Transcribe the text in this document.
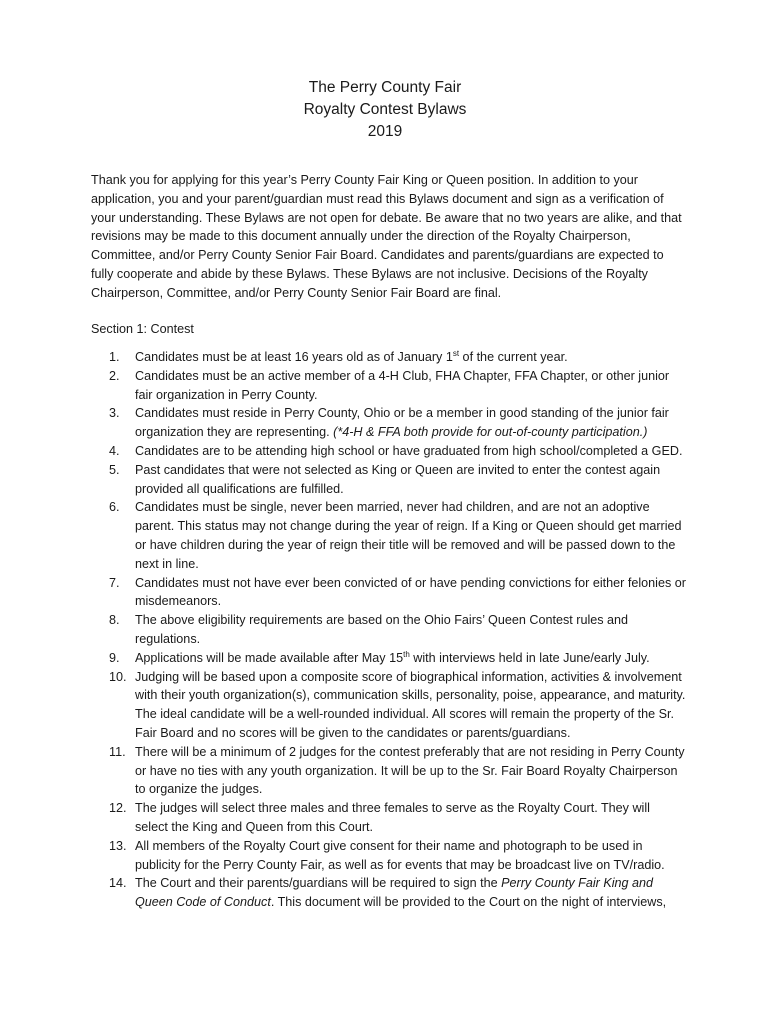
The Perry County Fair
Royalty Contest Bylaws
2019

Thank you for applying for this year’s Perry County Fair King or Queen position. In addition to your application, you and your parent/guardian must read this Bylaws document and sign as a verification of your understanding. These Bylaws are not open for debate. Be aware that no two years are alike, and that revisions may be made to this document annually under the direction of the Royalty Chairperson, Committee, and/or Perry County Senior Fair Board. Candidates and parents/guardians are expected to fully cooperate and abide by these Bylaws. These Bylaws are not inclusive. Decisions of the Royalty Chairperson, Committee, and/or Perry County Senior Fair Board are final.

Section 1: Contest

1.	Candidates must be at least 16 years old as of January 1st of the current year.
2.	Candidates must be an active member of a 4-H Club, FHA Chapter, FFA Chapter, or other junior fair organization in Perry County.
3.	Candidates must reside in Perry County, Ohio or be a member in good standing of the junior fair organization they are representing. (*4-H & FFA both provide for out-of-county participation.)
4.	Candidates are to be attending high school or have graduated from high school/completed a GED.
5.	Past candidates that were not selected as King or Queen are invited to enter the contest again provided all qualifications are fulfilled.
6.	Candidates must be single, never been married, never had children, and are not an adoptive parent. This status may not change during the year of reign. If a King or Queen should get married or have children during the year of reign their title will be removed and will be passed down to the next in line.
7.	Candidates must not have ever been convicted of or have pending convictions for either felonies or misdemeanors.
8.	The above eligibility requirements are based on the Ohio Fairs’ Queen Contest rules and regulations.
9.	Applications will be made available after May 15th with interviews held in late June/early July.
10. Judging will be based upon a composite score of biographical information, activities & involvement with their youth organization(s), communication skills, personality, poise, appearance, and maturity. The ideal candidate will be a well-rounded individual. All scores will remain the property of the Sr. Fair Board and no scores will be given to the candidates or parents/guardians.
11. There will be a minimum of 2 judges for the contest preferably that are not residing in Perry County or have no ties with any youth organization. It will be up to the Sr. Fair Board Royalty Chairperson to organize the judges.
12. The judges will select three males and three females to serve as the Royalty Court. They will select the King and Queen from this Court.
13. All members of the Royalty Court give consent for their name and photograph to be used in publicity for the Perry County Fair, as well as for events that may be broadcast live on TV/radio.
14. The Court and their parents/guardians will be required to sign the Perry County Fair King and Queen Code of Conduct. This document will be provided to the Court on the night of interviews,
